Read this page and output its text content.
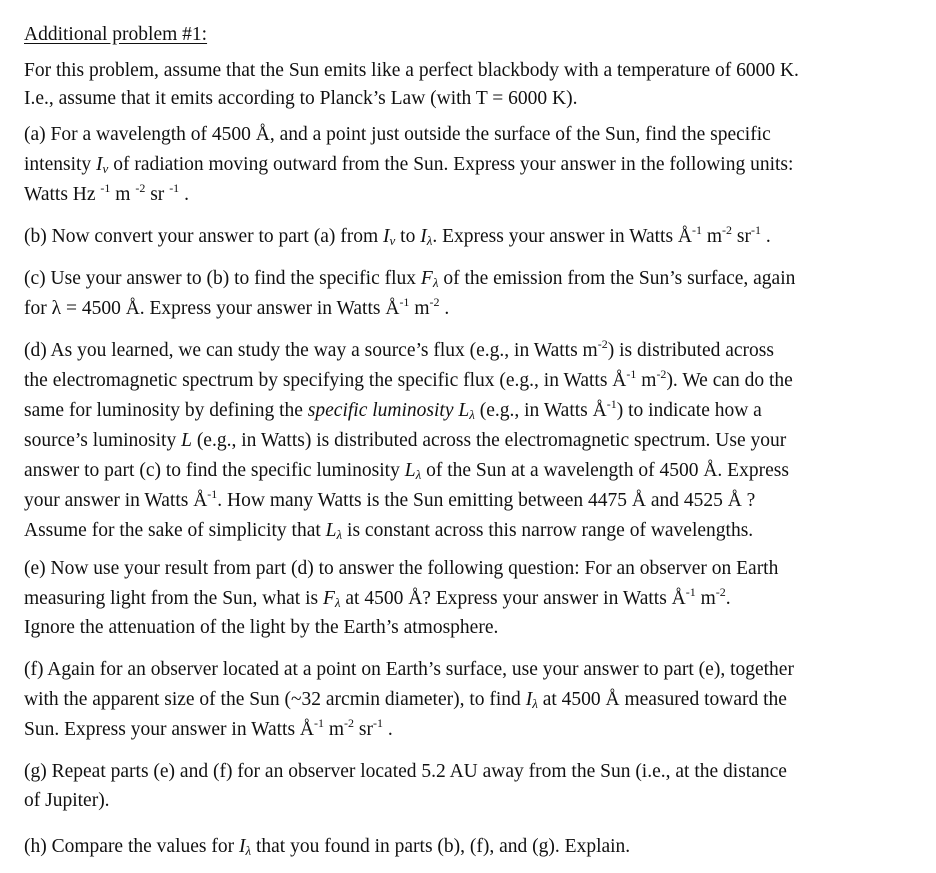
Additional problem #1:
For this problem, assume that the Sun emits like a perfect blackbody with a temperature of 6000 K.
I.e., assume that it emits according to Planck’s Law (with T = 6000 K).
(a) For a wavelength of 4500 Å, and a point just outside the surface of the Sun, find the specific
intensity $I_\nu$ of radiation moving outward from the Sun. Express your answer in the following units:
Watts Hz $^{-1}$ m $^{-2}$ sr $^{-1}$ .
(b) Now convert your answer to part (a) from $I_\nu$ to $I_\lambda$. Express your answer in Watts $Å^{-1}$ $m^{-2}$ $sr^{-1}$ .
(c) Use your answer to (b) to find the specific flux $F_\lambda$ of the emission from the Sun’s surface, again
for λ = 4500 Å. Express your answer in Watts $Å^{-1}$ $m^{-2}$ .
(d) As you learned, we can study the way a source’s flux (e.g., in Watts $m^{-2}$) is distributed across
the electromagnetic spectrum by specifying the specific flux (e.g., in Watts $Å^{-1}$ $m^{-2}$). We can do the
same for luminosity by defining the specific luminosity $L_\lambda$ (e.g., in Watts $Å^{-1}$) to indicate how a
source’s luminosity L (e.g., in Watts) is distributed across the electromagnetic spectrum. Use your
answer to part (c) to find the specific luminosity $L_\lambda$ of the Sun at a wavelength of 4500 Å. Express
your answer in Watts $Å^{-1}$. How many Watts is the Sun emitting between 4475 Å and 4525 Å ?
Assume for the sake of simplicity that $L_\lambda$ is constant across this narrow range of wavelengths.
(e) Now use your result from part (d) to answer the following question: For an observer on Earth
measuring light from the Sun, what is $F_\lambda$ at 4500 Å? Express your answer in Watts $Å^{-1}$ $m^{-2}$.
Ignore the attenuation of the light by the Earth’s atmosphere.
(f) Again for an observer located at a point on Earth’s surface, use your answer to part (e), together
with the apparent size of the Sun (~32 arcmin diameter), to find $I_\lambda$ at 4500 Å measured toward the
Sun. Express your answer in Watts $Å^{-1}$ $m^{-2}$ $sr^{-1}$ .
(g) Repeat parts (e) and (f) for an observer located 5.2 AU away from the Sun (i.e., at the distance
of Jupiter).
(h) Compare the values for $I_\lambda$ that you found in parts (b), (f), and (g). Explain.
